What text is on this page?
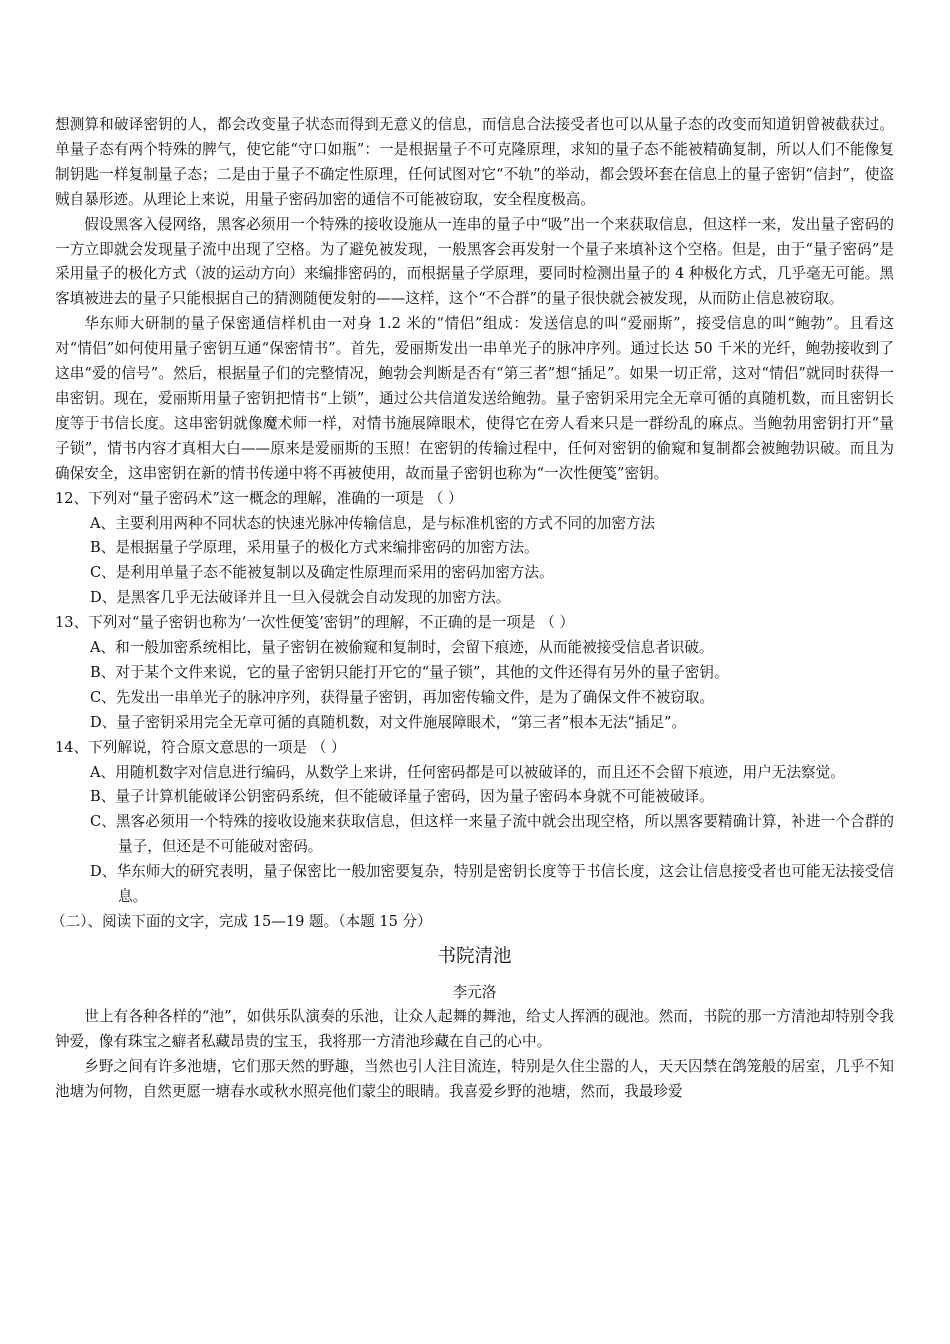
想测算和破译密钥的人，都会改变量子状态而得到无意义的信息，而信息合法接受者也可以从量子态的改变而知道钥曾被截获过。单量子态有两个特殊的脾气，使它能“守口如瓶”：一是根据量子不可克隆原理，求知的量子态不能被精确复制，所以人们不能像复制钥匙一样复制量子态；二是由于量子不确定性原理，任何试图对它“不轨”的举动，都会毁坏套在信息上的量子密钥“信封”，使盗贼自暴形迹。从理论上来说，用量子密码加密的通信不可能被窃取，安全程度极高。

假设黑客入侵网络，黑客必须用一个特殊的接收设施从一连串的量子中“吸”出一个来获取信息，但这样一来，发出量子密码的一方立即就会发现量子流中出现了空格。为了避免被发现，一般黑客会再发射一个量子来填补这个空格。但是，由于“量子密码”是采用量子的极化方式（波的运动方向）来编排密码的，而根据量子学原理，要同时检测出量子的 4 种极化方式，几乎毫无可能。黑客填被进去的量子只能根据自己的猜测随便发射的——这样，这个“不合群”的量子很快就会被发现，从而防止信息被窃取。

华东师大研制的量子保密通信样机由一对身 1.2 米的“情侣”组成：发送信息的叫“爱丽斯”，接受信息的叫“鲍勃”。且看这对“情侣”如何使用量子密钥互通“保密情书”。首先，爱丽斯发出一串单光子的脉冲序列。通过长达 50 千米的光纤，鲍勃接收到了这串“爱的信号”。然后，根据量子们的完整情况，鲍勃会判断是否有“第三者”想“插足”。如果一切正常，这对“情侣”就同时获得一串密钥。现在，爱丽斯用量子密钥把情书“上锁”，通过公共信道发送给鲍勃。量子密钥采用完全无章可循的真随机数，而且密钥长度等于书信长度。这串密钥就像魔术师一样，对情书施展障眼术，使得它在旁人看来只是一群纷乱的麻点。当鲍勃用密钥打开“量子锁”，情书内容才真相大白——原来是爱丽斯的玉照！在密钥的传输过程中，任何对密钥的偷窥和复制都会被鲍勃识破。而且为确保安全，这串密钥在新的情书传递中将不再被使用，故而量子密钥也称为“一次性便笺”密钥。

12、下列对“量子密码术”这一概念的理解，准确的一项是 （ ）

A、主要利用两种不同状态的快速光脉冲传输信息，是与标准机密的方式不同的加密方法

B、是根据量子学原理，采用量子的极化方式来编排密码的加密方法。

C、是利用单量子态不能被复制以及确定性原理而采用的密码加密方法。

D、是黑客几乎无法破译并且一旦入侵就会自动发现的加密方法。

13、下列对“量子密钥也称为‘一次性便笺’密钥”的理解，不正确的是一项是 （ ）

A、和一般加密系统相比，量子密钥在被偷窥和复制时，会留下痕迹，从而能被接受信息者识破。

B、对于某个文件来说，它的量子密钥只能打开它的“量子锁”，其他的文件还得有另外的量子密钥。

C、先发出一串单光子的脉冲序列，获得量子密钥，再加密传输文件，是为了确保文件不被窃取。

D、量子密钥采用完全无章可循的真随机数，对文件施展障眼术，“第三者”根本无法“插足”。

14、下列解说，符合原文意思的一项是 （ ）

A、用随机数字对信息进行编码，从数学上来讲，任何密码都是可以被破译的，而且还不会留下痕迹，用户无法察觉。

B、量子计算机能破译公钥密码系统，但不能破译量子密码，因为量子密码本身就不可能被破译。

C、黑客必须用一个特殊的接收设施来获取信息，但这样一来量子流中就会出现空格，所以黑客要精确计算，补进一个合群的量子，但还是不可能破对密码。

D、华东师大的研究表明，量子保密比一般加密要复杂，特别是密钥长度等于书信长度，这会让信息接受者也可能无法接受信息。

（二）、阅读下面的文字，完成 15—19 题。（本题 15 分）

书院清池

李元洛

世上有各种各样的“池”，如供乐队演奏的乐池，让众人起舞的舞池，给丈人挥洒的砚池。然而，书院的那一方清池却特别令我钟爱，像有珠宝之癖者私藏昂贵的宝玉，我将那一方清池珍藏在自己的心中。

乡野之间有许多池塘，它们那天然的野趣，当然也引人注目流连，特别是久住尘嚣的人，天天囚禁在鸽笼般的居室，几乎不知池塘为何物，自然更愿一塘春水或秋水照亮他们蒙尘的眼睛。我喜爱乡野的池塘，然而，我最珍爱
